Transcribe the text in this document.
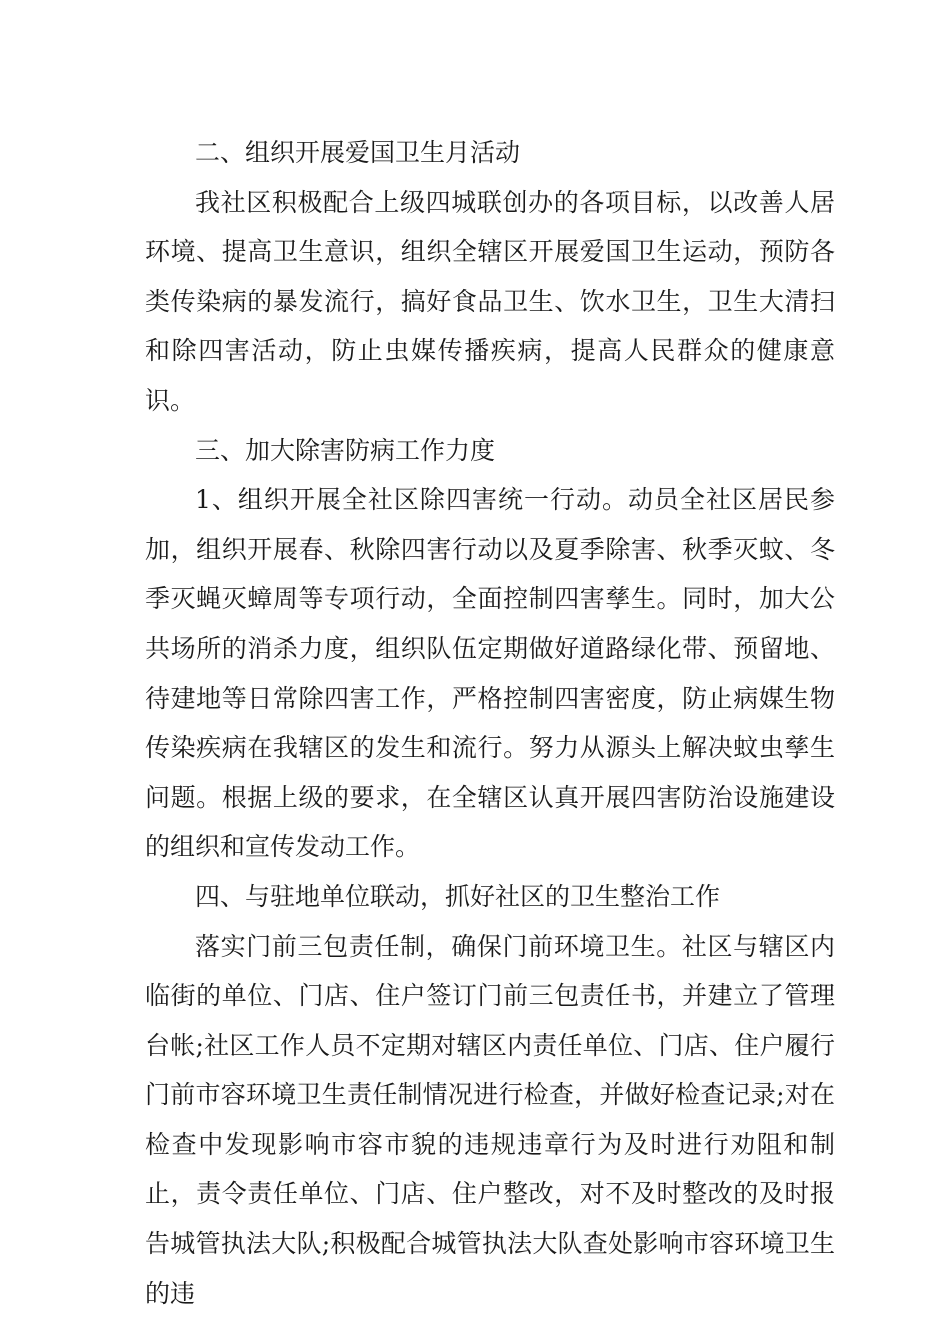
二、组织开展爱国卫生月活动

我社区积极配合上级四城联创办的各项目标，以改善人居环境、提高卫生意识，组织全辖区开展爱国卫生运动，预防各类传染病的暴发流行，搞好食品卫生、饮水卫生，卫生大清扫和除四害活动，防止虫媒传播疾病，提高人民群众的健康意识。

三、加大除害防病工作力度

1、组织开展全社区除四害统一行动。动员全社区居民参加，组织开展春、秋除四害行动以及夏季除害、秋季灭蚊、冬季灭蝇灭蟑周等专项行动，全面控制四害孳生。同时，加大公共场所的消杀力度，组织队伍定期做好道路绿化带、预留地、待建地等日常除四害工作，严格控制四害密度，防止病媒生物传染疾病在我辖区的发生和流行。努力从源头上解决蚊虫孳生问题。根据上级的要求，在全辖区认真开展四害防治设施建设的组织和宣传发动工作。

四、与驻地单位联动，抓好社区的卫生整治工作

落实门前三包责任制，确保门前环境卫生。社区与辖区内临街的单位、门店、住户签订门前三包责任书，并建立了管理台帐;社区工作人员不定期对辖区内责任单位、门店、住户履行门前市容环境卫生责任制情况进行检查，并做好检查记录;对在检查中发现影响市容市貌的违规违章行为及时进行劝阻和制止，责令责任单位、门店、住户整改，对不及时整改的及时报告城管执法大队;积极配合城管执法大队查处影响市容环境卫生的违
